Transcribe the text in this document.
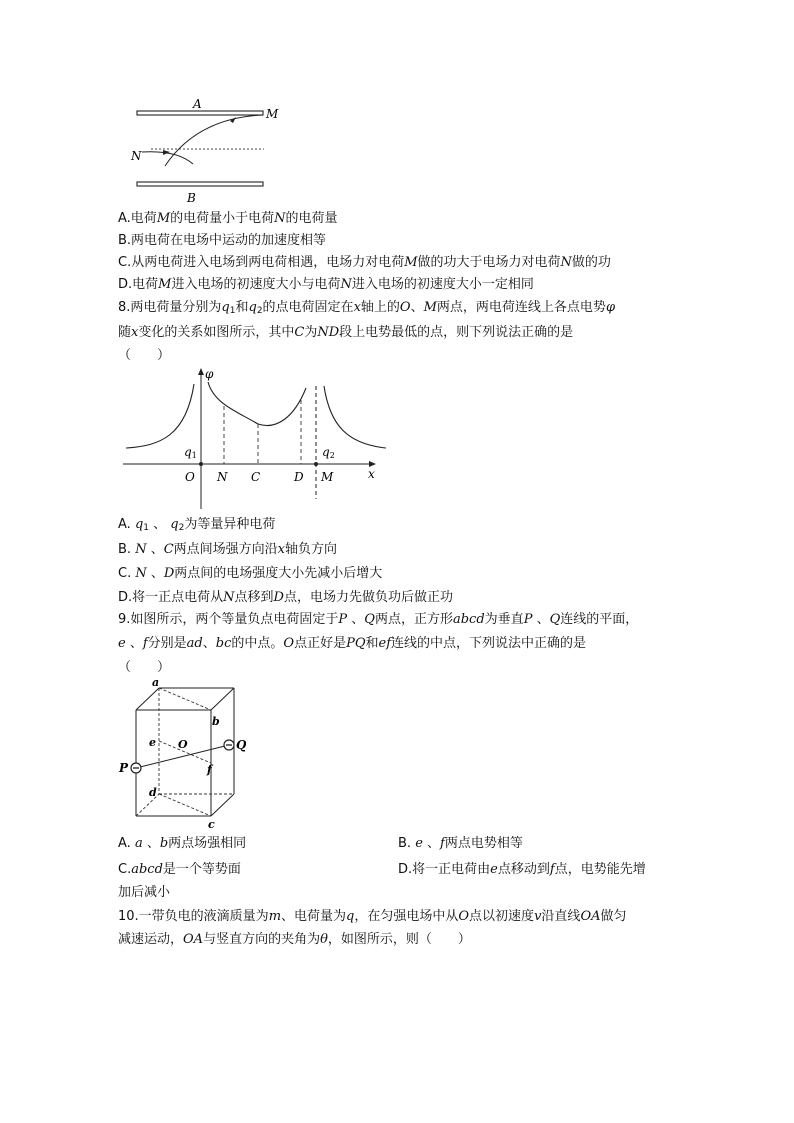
A
B
M
N
A.电荷M的电荷量小于电荷N的电荷量
B.两电荷在电场中运动的加速度相等
C.从两电荷进入电场到两电荷相遇，电场力对电荷M做的功大于电场力对电荷N做的功
D.电荷M进入电场的初速度大小与电荷N进入电场的初速度大小一定相同
8.两电荷量分别为$q_1$和$q_2$的点电荷固定在x轴上的O、M两点，两电荷连线上各点电势φ
随x变化的关系如图所示，其中C为ND段上电势最低的点，则下列说法正确的是
（　　）
φ
q1	q2
O N C	D M	x
A. $q_1$ 、 $q_2$为等量异种电荷
B. N 、C两点间场强方向沿x轴负方向
C. N 、D两点间的电场强度大小先减小后增大
D.将一正点电荷从N点移到D点，电场力先做负功后做正功
9.如图所示，两个等量负点电荷固定于P 、Q两点，正方形abcd为垂直P 、Q连线的平面，
e 、f分别是ad、bc的中点。O点正好是PQ和ef连线的中点，下列说法中正确的是
（　　）
a
b
c
d
e
f
O
P
Q
A. a 、b两点场强相同	B. e 、f两点电势相等
C.abcd是一个等势面	D.将一正电荷由e点移动到f点，电势能先增
加后减小
10.一带负电的液滴质量为m、电荷量为q，在匀强电场中从O点以初速度v沿直线OA做匀
减速运动，OA与竖直方向的夹角为θ，如图所示，则（　　）
